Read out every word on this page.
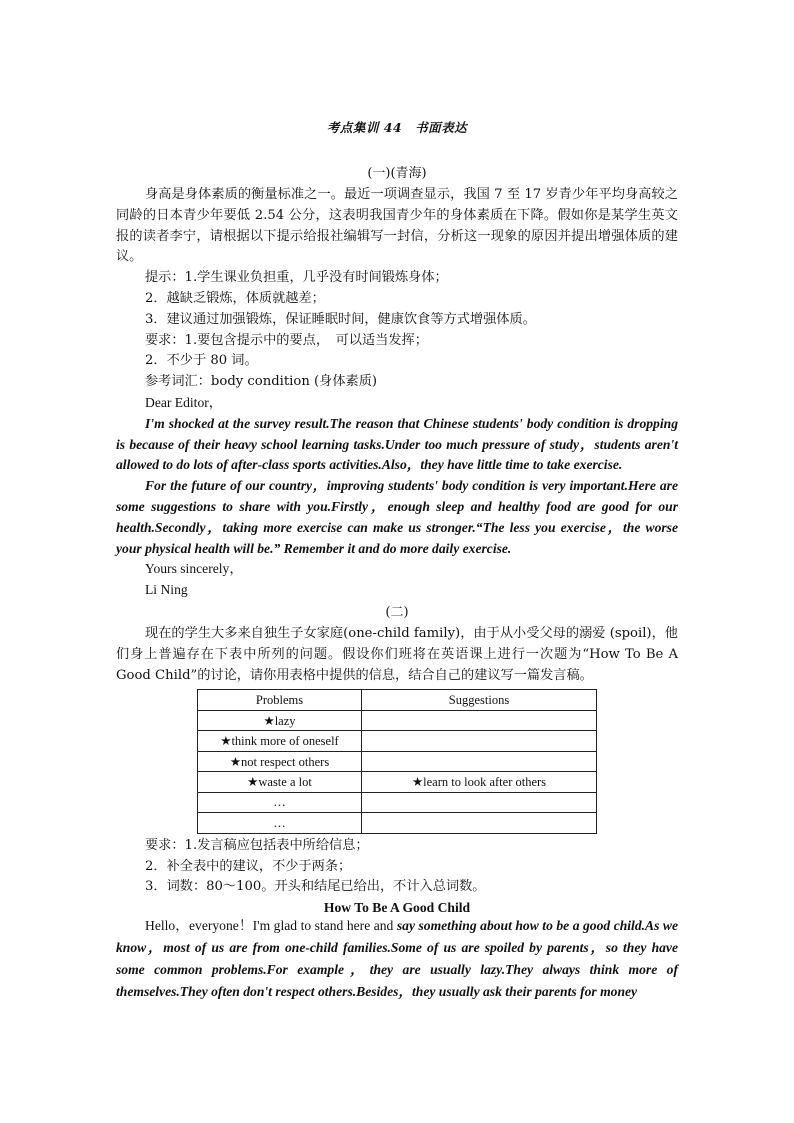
考点集训 44　书面表达
(一)(青海)

身高是身体素质的衡量标准之一。最近一项调查显示，我国 7 至 17 岁青少年平均身高较之同龄的日本青少年要低 2.54 公分，这表明我国青少年的身体素质在下降。假如你是某学生英文报的读者李宁，请根据以下提示给报社编辑写一封信，分析这一现象的原因并提出增强体质的建议。

提示：1.学生课业负担重，几乎没有时间锻炼身体；

2．越缺乏锻炼，体质就越差；

3．建议通过加强锻炼，保证睡眠时间，健康饮食等方式增强体质。

要求：1.要包含提示中的要点，　可以适当发挥；

2．不少于 80 词。

参考词汇：body condition (身体素质)

Dear Editor，

I'm shocked at the survey result.The reason that Chinese students' body condition is dropping is because of their heavy school learning tasks.Under too much pressure of study，students aren't allowed to do lots of after-class sports activities.Also，they have little time to take exercise.

For the future of our country，improving students' body condition is very important.Here are some suggestions to share with you.Firstly，enough sleep and healthy food are good for our health.Secondly，taking more exercise can make us stronger.“The less you exercise，the worse your physical health will be.” Remember it and do more daily exercise.

Yours sincerely，

Li Ning

(二)

现在的学生大多来自独生子女家庭(one-child family)，由于从小受父母的溺爱 (spoil)，他们身上普遍存在下表中所列的问题。假设你们班将在英语课上进行一次题为“How To Be A Good Child”的讨论，请你用表格中提供的信息，结合自己的建议写一篇发言稿。

Problems	Suggestions
★lazy	
★think more of oneself	
★not respect others	
★waste a lot	★learn to look after others
…	
…	

要求：1.发言稿应包括表中所给信息；

2．补全表中的建议，不少于两条；

3．词数：80～100。开头和结尾已给出，不计入总词数。

How To Be A Good Child

Hello，everyone！I'm glad to stand here and say something about how to be a good child.As we know，most of us are from one-child families.Some of us are spoiled by parents，so they have some common problems.For example，they are usually lazy.They always think more of themselves.They often don't respect others.Besides，they usually ask their parents for money
